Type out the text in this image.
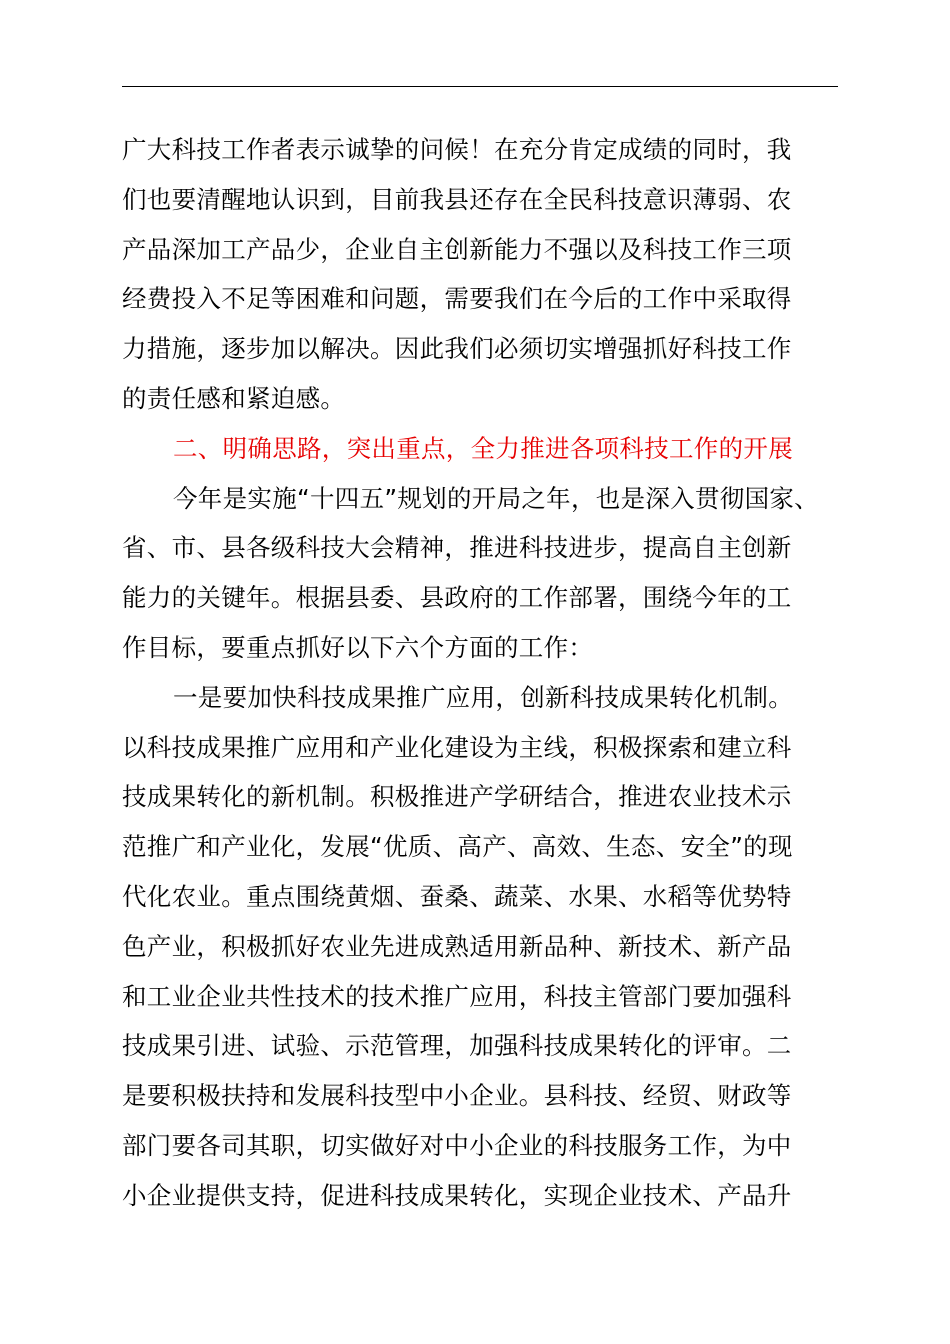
广大科技工作者表示诚挚的问候！在充分肯定成绩的同时，我
们也要清醒地认识到，目前我县还存在全民科技意识薄弱、农
产品深加工产品少，企业自主创新能力不强以及科技工作三项
经费投入不足等困难和问题，需要我们在今后的工作中采取得
力措施，逐步加以解决。因此我们必须切实增强抓好科技工作
的责任感和紧迫感。
二、明确思路，突出重点，全力推进各项科技工作的开展
今年是实施“十四五”规划的开局之年，也是深入贯彻国家、
省、市、县各级科技大会精神，推进科技进步，提高自主创新
能力的关键年。根据县委、县政府的工作部署，围绕今年的工
作目标，要重点抓好以下六个方面的工作：
一是要加快科技成果推广应用，创新科技成果转化机制。
以科技成果推广应用和产业化建设为主线，积极探索和建立科
技成果转化的新机制。积极推进产学研结合，推进农业技术示
范推广和产业化，发展“优质、高产、高效、生态、安全”的现
代化农业。重点围绕黄烟、蚕桑、蔬菜、水果、水稻等优势特
色产业，积极抓好农业先进成熟适用新品种、新技术、新产品
和工业企业共性技术的技术推广应用，科技主管部门要加强科
技成果引进、试验、示范管理，加强科技成果转化的评审。二
是要积极扶持和发展科技型中小企业。县科技、经贸、财政等
部门要各司其职，切实做好对中小企业的科技服务工作，为中
小企业提供支持，促进科技成果转化，实现企业技术、产品升
